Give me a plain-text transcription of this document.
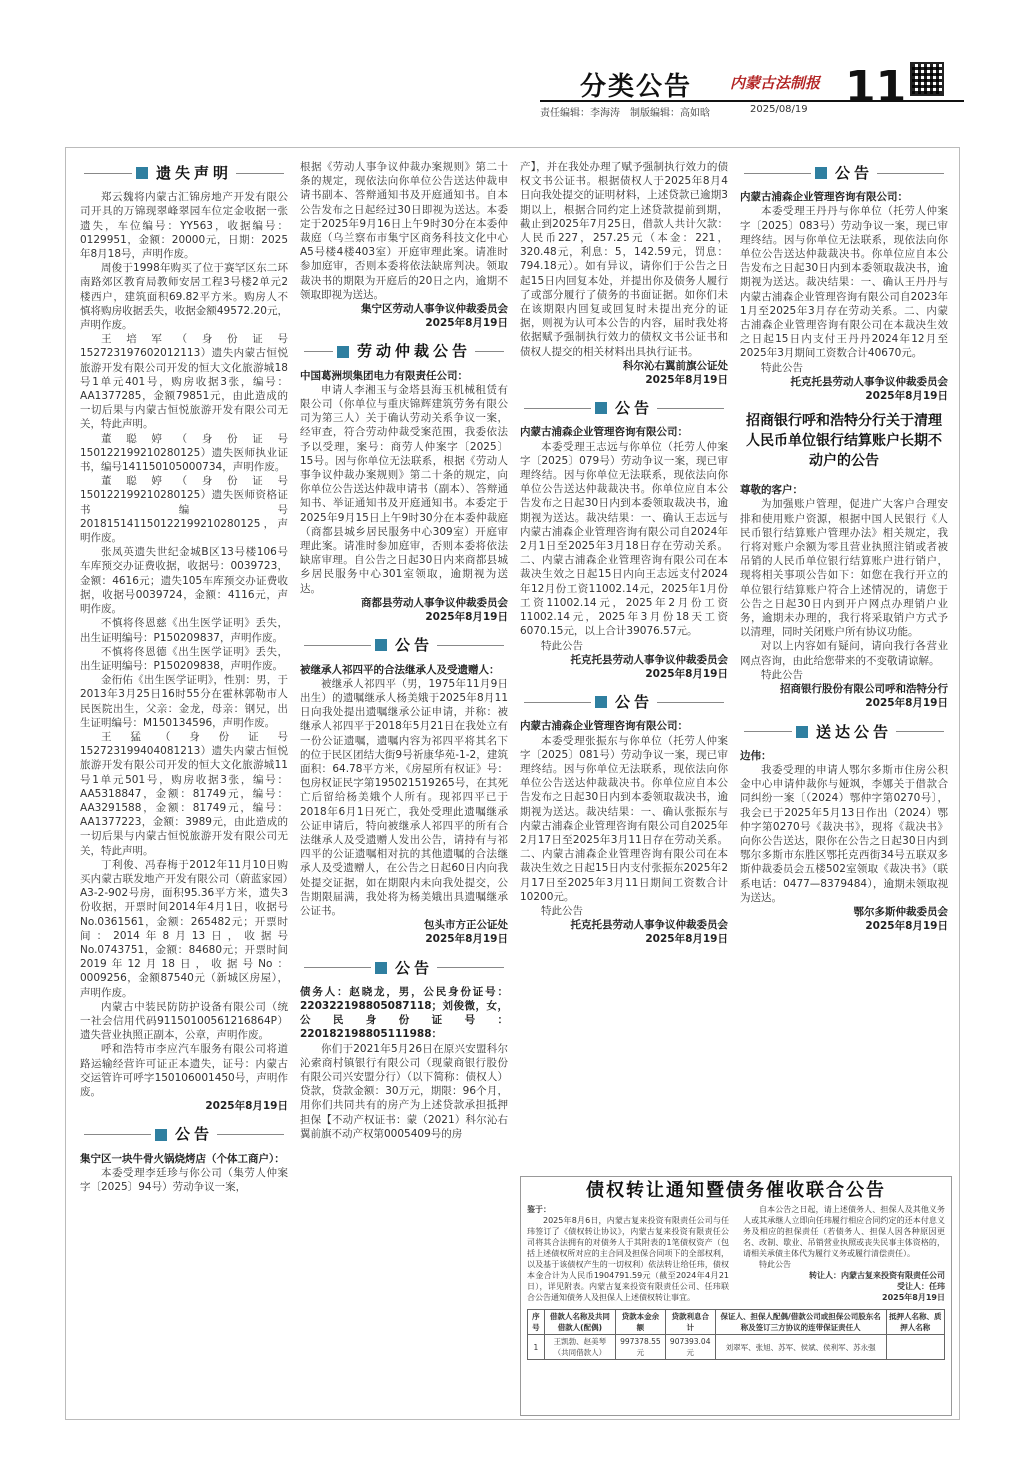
分类公告	内蒙古法制报 11
责任编辑：李海涛　制版编辑：高如晗	2025/08/19
遗失声明

郑云魏将内蒙古汇锦房地产开发有限公司开具的万锦现翠峰翠园车位定金收据一张遗失，车位编号：YY563，收据编号：0129951，金额：20000元，日期：2025年8月18号，声明作废。

周俊于1998年购买了位于赛罕区东二环南路郊区教育局教师安居工程3号楼2单元2楼西户，建筑面积69.82平方米。购房人不慎将购房收据丢失，收据金额49572.20元，声明作废。

王培军（身份证号152723197602012113）遗失内蒙古恒悦旅游开发有限公司开发的恒大文化旅游城18号1单元401号，购房收据3张，编号：AA1377285，金额79851元，由此造成的一切后果与内蒙古恒悦旅游开发有限公司无关，特此声明。

董聪婷（身份证号150122199210280125）遗失医师执业证书，编号141150105000734，声明作废。

董聪婷（身份证号150122199210280125）遗失医师资格证书编号201815141150122199210280125，声明作废。

张凤英遗失世纪金城B区13号楼106号车库预交办证费收据，收据号：0039723，金额：4616元；遗失105车库预交办证费收据，收据号0039724，金额：4116元，声明作废。

不慎将佟恩慈《出生医学证明》丢失，出生证明编号：P150209837，声明作废。

不慎将佟恩德《出生医学证明》丢失，出生证明编号：P150209838，声明作废。

金衎佑《出生医学证明》，性别：男，于2013年3月25日16时55分在霍林郭勒市人民医院出生，父亲：金龙，母亲：钢兄，出生证明编号：M150134596，声明作废。

王猛（身份证号152723199404081213）遗失内蒙古恒悦旅游开发有限公司开发的恒大文化旅游城11号1单元501号，购房收据3张，编号：AA5318847，金额：81749元，编号：AA3291588，金额：81749元，编号：AA1377223，金额：3989元，由此造成的一切后果与内蒙古恒悦旅游开发有限公司无关，特此声明。

丁利俊、冯春梅于2012年11月10日购买内蒙古联发地产开发有限公司（蔚蓝家园）A3-2-902号房，面积95.36平方米，遗失3份收据，开票时间2014年4月1日，收据号No.0361561，金额：265482元；开票时间：2014年8月13日，收据号No.0743751，金额：84680元；开票时间2019年12月18日，收据号No：0009256，金额87540元（新城区房屋），声明作废。

内蒙古中装民防防护设备有限公司（统一社会信用代码91150100561216864P）遗失营业执照正副本，公章，声明作废。

呼和浩特市李应汽车服务有限公司将道路运输经营许可证正本遗失，证号：内蒙古交运管许可呼字150106001450号，声明作废。

2025年8月19日

公告

集宁区一块牛骨火锅烧烤店（个体工商户）：

本委受理李廷珍与你公司（集劳人仲案字〔2025〕94号）劳动争议一案，

根据《劳动人事争议仲裁办案规则》第二十条的规定，现依法向你单位公告送达仲裁申请书副本、答辩通知书及开庭通知书。自本公告发布之日起经过30日即视为送达。本委定于2025年9月16日上午9时30分在本委仲裁庭（乌兰察布市集宁区商务科技文化中心A5号楼4楼403室）开庭审理此案。请准时参加庭审，否则本委将依法缺席判决。领取裁决书的期限为开庭后的20日之内，逾期不领取即视为送达。

集宁区劳动人事争议仲裁委员会

2025年8月19日

劳动仲裁公告

中国葛洲坝集团电力有限责任公司：

申请人李湘玉与金塔县海玉机械租赁有限公司（你单位与重庆锦辉建筑劳务有限公司为第三人）关于确认劳动关系争议一案，经审查，符合劳动仲裁受案范围，我委依法予以受理，案号：商劳人仲案字〔2025〕15号。因与你单位无法联系，根据《劳动人事争议仲裁办案规则》第二十条的规定，向你单位公告送达仲裁申请书（副本）、答辩通知书、举证通知书及开庭通知书。本委定于2025年9月15日上午9时30分在本委仲裁庭（商都县城乡居民服务中心309室）开庭审理此案。请准时参加庭审，否则本委将依法缺席审理。自公告之日起30日内来商都县城乡居民服务中心301室领取，逾期视为送达。

商都县劳动人事争议仲裁委员会

2025年8月19日

公告

被继承人祁四平的合法继承人及受遗赠人：

被继承人祁四平（男，1975年11月9日出生）的遗嘱继承人杨美娥于2025年8月11日向我处提出遗嘱继承公证申请，并称：被继承人祁四平于2018年5月21日在我处立有一份公证遗嘱，遗嘱内容为祁四平将其名下的位于民区团结大街9号祈康华苑-1-2，建筑面积：64.78平方米，《房屋所有权证》号：包房权证民字第195021519265号，在其死亡后留给杨美娥个人所有。现祁四平已于2018年6月1日死亡，我处受理此遗嘱继承公证申请后，特向被继承人祁四平的所有合法继承人及受遗赠人发出公告，请持有与祁四平的公证遗嘱相对抗的其他遗嘱的合法继承人及受遗赠人，在公告之日起60日内向我处提交证据，如在期限内未向我处提交，公告期限届满，我处将为杨美娥出具遗嘱继承公证书。

包头市方正公证处

2025年8月19日

公告

债务人：赵晓龙，男，公民身份证号：220322198805087118；刘俊微，女，公民身份证号：220182198805111988：

你们于2021年5月26日在原兴安盟科尔沁索商村镇银行有限公司（现蒙商银行股份有限公司兴安盟分行）（以下简称：债权人）贷款，贷款金额：30万元，期限：96个月，用你们共同共有的房产为上述贷款承担抵押担保【不动产权证书：蒙（2021）科尔沁右翼前旗不动产权第0005409号的房

产】，并在我处办理了赋予强制执行效力的债权文书公证书。根据债权人于2025年8月4日向我处提交的证明材料，上述贷款已逾期3期以上，根据合同约定上述贷款提前到期，截止到2025年7月25日，借款人共计欠款：人民币227，257.25元（本金：221，320.48元，利息：5，142.59元，罚息：794.18元）。如有异议，请你们于公告之日起15日内回复本处，并提出你及债务人履行了或部分履行了债务的书面证据。如你们未在该期限内回复或回复时未提出充分的证据，则视为认可本公告的内容，届时我处将依据赋予强制执行效力的债权文书公证书和债权人提交的相关材料出具执行证书。

科尔沁右翼前旗公证处

2025年8月19日

公告

内蒙古浦森企业管理咨询有限公司：

本委受理王志远与你单位（托劳人仲案字〔2025〕079号）劳动争议一案，现已审理终结。因与你单位无法联系，现依法向你单位公告送达仲裁裁决书。你单位应自本公告发布之日起30日内到本委领取裁决书，逾期视为送达。裁决结果：一、确认王志远与内蒙古浦森企业管理咨询有限公司自2024年2月1日至2025年3月18日存在劳动关系。二、内蒙古浦森企业管理咨询有限公司在本裁决生效之日起15日内向王志远支付2024年12月份工资11002.14元，2025年1月份工资11002.14元，2025年2月份工资11002.14元，2025年3月份18天工资6070.15元，以上合计39076.57元。

特此公告

托克托县劳动人事争议仲裁委员会

2025年8月19日

公告

内蒙古浦森企业管理咨询有限公司：

本委受理张振东与你单位（托劳人仲案字〔2025〕081号）劳动争议一案，现已审理终结。因与你单位无法联系，现依法向你单位公告送达仲裁裁决书。你单位应自本公告发布之日起30日内到本委领取裁决书，逾期视为送达。裁决结果：一、确认张振东与内蒙古浦森企业管理咨询有限公司自2025年2月17日至2025年3月11日存在劳动关系。二、内蒙古浦森企业管理咨询有限公司在本裁决生效之日起15日内支付张振东2025年2月17日至2025年3月11日期间工资数合计10200元。

特此公告

托克托县劳动人事争议仲裁委员会

2025年8月19日

公告

内蒙古浦森企业管理咨询有限公司：

本委受理王丹丹与你单位（托劳人仲案字〔2025〕083号）劳动争议一案，现已审理终结。因与你单位无法联系，现依法向你单位公告送达仲裁裁决书。你单位应自本公告发布之日起30日内到本委领取裁决书，逾期视为送达。裁决结果：一、确认王丹丹与内蒙古浦森企业管理咨询有限公司自2023年1月至2025年3月存在劳动关系。二、内蒙古浦森企业管理咨询有限公司在本裁决生效之日起15日内支付王丹丹2024年12月至2025年3月期间工资数合计40670元。

特此公告

托克托县劳动人事争议仲裁委员会

2025年8月19日

招商银行呼和浩特分行关于清理人民币单位银行结算账户长期不动户的公告

尊敬的客户：

为加强账户管理，促进广大客户合理安排和使用账户资源，根据中国人民银行《人民币银行结算账户管理办法》相关规定，我行将对账户余额为零且营业执照注销或者被吊销的人民币单位银行结算账户进行销户，现将相关事项公告如下：如您在我行开立的单位银行结算账户符合上述情况的，请您于公告之日起30日内到开户网点办理销户业务，逾期未办理的，我行将采取销户方式予以清理，同时关闭账户所有协议功能。

对以上内容如有疑问，请向我行各营业网点咨询，由此给您带来的不变敬请谅解。

特此公告

招商银行股份有限公司呼和浩特分行

2025年8月19日

送达公告

边伟：

我委受理的申请人鄂尔多斯市住房公积金中心申请仲裁你与娅飒，李娜关于借款合同纠纷一案〔（2024）鄂仲字第0270号〕，我会已于2025年5月13日作出（2024）鄂仲字第0270号《裁决书》，现将《裁决书》向你公告送达，限你在公告之日起30日内到鄂尔多斯市东胜区鄂托克西街34号五联双多斯仲裁委员会五楼502室领取《裁决书》（联系电话：0477—8379484），逾期未领取视为送达。

鄂尔多斯仲裁委员会

2025年8月19日

债权转让通知暨债务催收联合公告
鉴于：

2025年8月6日，内蒙古复来投资有限责任公司与任玮签订了《债权转让协议》，内蒙古复来投资有限责任公司将其合法拥有的对债务人于其附表的1笔债权资产（包括上述债权所对应的主合同及担保合同项下的全部权利，以及基于该债权产生的一切权利）依法转让给任玮，债权本金合计为人民币1904791.59元（截至2024年4月21日），详见附表。内蒙古复来投资有限责任公司、任玮联合公告通知债务人及担保人上述债权转让事宜。

自本公告之日起，请上述债务人、担保人及其他义务人或其承继人立即向任玮履行相应合同约定的还本付息义务及相应的担保责任（若债务人、担保人因各种原因更名、改制、歇业、吊销营业执照或丧失民事主体资格的，请相关承债主体代为履行义务或履行清偿责任）。

特此公告

转让人：内蒙古复来投资有限责任公司

受让人：任玮

2025年8月19日

序号	借款人名称及共同借款人(配偶)	贷款本金余额	贷款利息合计	保证人、担保人配偶/借款公司或担保公司股东名称及签订三方协议的连带保证责任人	抵押人名称、质押人名称
1	王凯勃、赵美琴（共同借款人）	997378.55元	907393.04元	刘翠军、张旭、苏军、侯斌、侯利军、苏永强	
